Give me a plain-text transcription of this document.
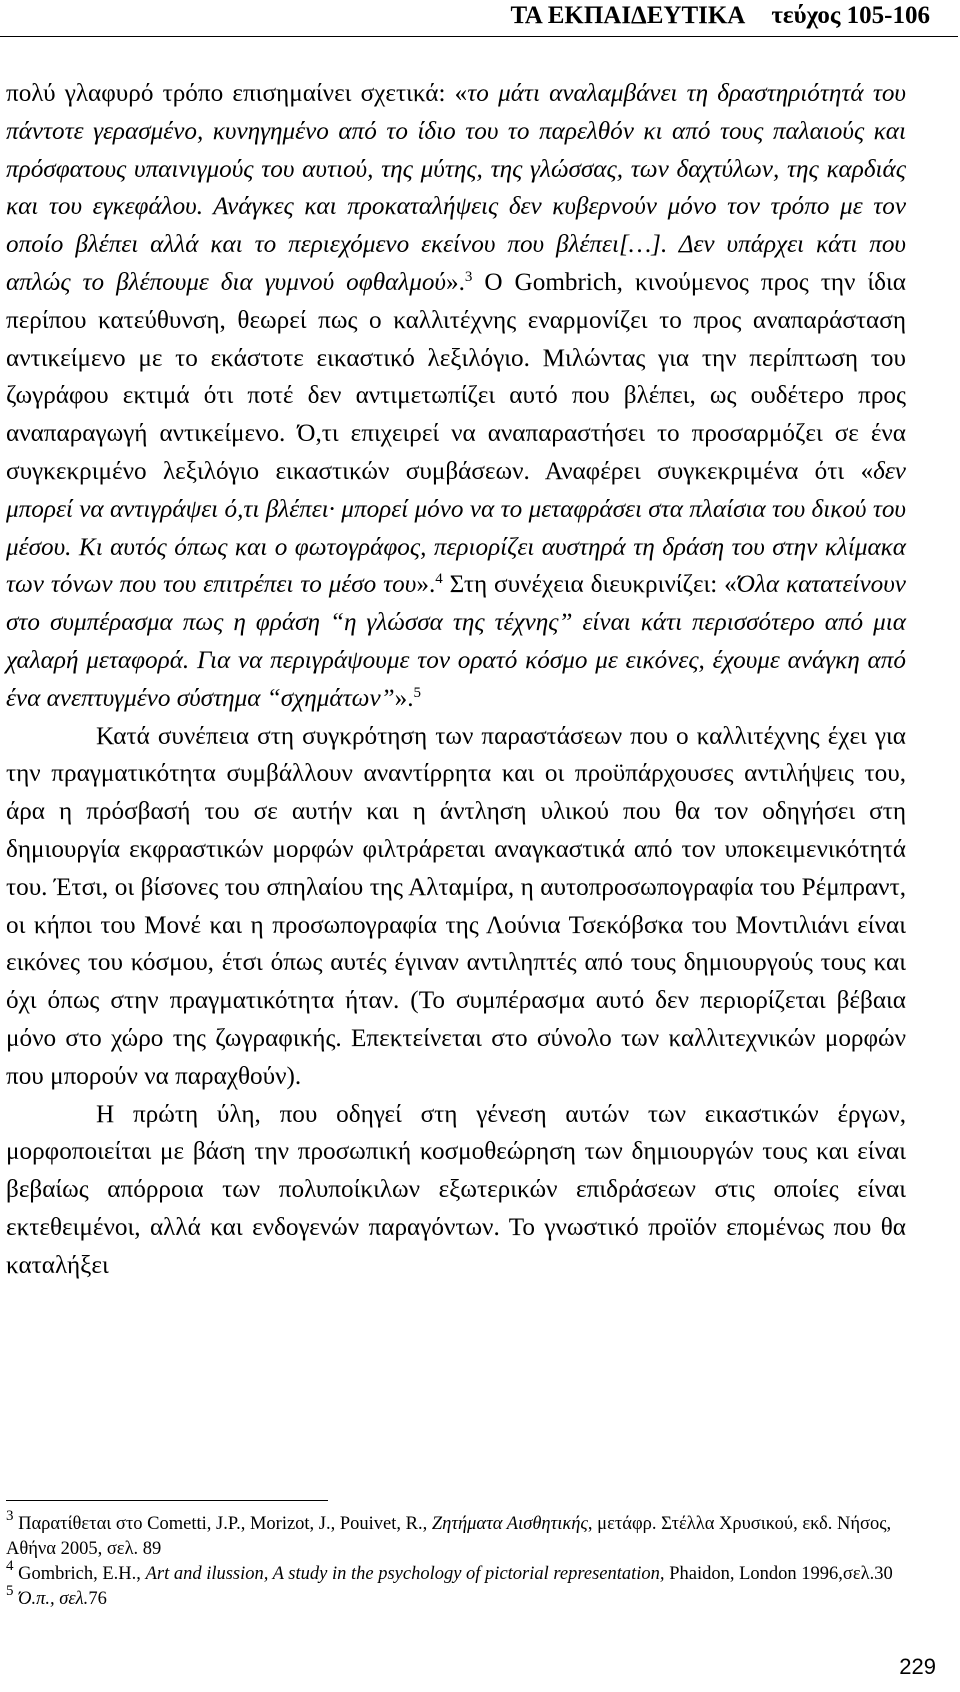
ΤΑ ΕΚΠΑΙΔΕΥΤΙΚΑ τεύχος 105-106

πολύ γλαφυρό τρόπο επισημαίνει σχετικά: «το μάτι αναλαμβάνει τη δραστηριότητά του πάντοτε γερασμένο, κυνηγημένο από το ίδιο του το παρελθόν κι από τους παλαιούς και πρόσφατους υπαινιγμούς του αυτιού, της μύτης, της γλώσσας, των δαχτύλων, της καρδιάς και του εγκεφάλου. Ανάγκες και προκαταλήψεις δεν κυβερνούν μόνο τον τρόπο με τον οποίο βλέπει αλλά και το περιεχόμενο εκείνου που βλέπει[…]. Δεν υπάρχει κάτι που απλώς το βλέπουμε δια γυμνού οφθαλμού».$^3$ Ο Gombrich, κινούμενος προς την ίδια περίπου κατεύθυνση, θεωρεί πως ο καλλιτέχνης εναρμονίζει το προς αναπαράσταση αντικείμενο με το εκάστοτε εικαστικό λεξιλόγιο. Μιλώντας για την περίπτωση του ζωγράφου εκτιμά ότι ποτέ δεν αντιμετωπίζει αυτό που βλέπει, ως ουδέτερο προς αναπαραγωγή αντικείμενο. Ό,τι επιχειρεί να αναπαραστήσει το προσαρμόζει σε ένα συγκεκριμένο λεξιλόγιο εικαστικών συμβάσεων. Αναφέρει συγκεκριμένα ότι «δεν μπορεί να αντιγράψει ό,τι βλέπει· μπορεί μόνο να το μεταφράσει στα πλαίσια του δικού του μέσου. Κι αυτός όπως και ο φωτογράφος, περιορίζει αυστηρά τη δράση του στην κλίμακα των τόνων που του επιτρέπει το μέσο του».$^4$ Στη συνέχεια διευκρινίζει: «Όλα κατατείνουν στο συμπέρασμα πως η φράση “η γλώσσα της τέχνης” είναι κάτι περισσότερο από μια χαλαρή μεταφορά. Για να περιγράψουμε τον ορατό κόσμο με εικόνες, έχουμε ανάγκη από ένα ανεπτυγμένο σύστημα “σχημάτων”».$^5$

Κατά συνέπεια στη συγκρότηση των παραστάσεων που ο καλλιτέχνης έχει για την πραγματικότητα συμβάλλουν αναντίρρητα και οι προϋπάρχουσες αντιλήψεις του, άρα η πρόσβασή του σε αυτήν και η άντληση υλικού που θα τον οδηγήσει στη δημιουργία εκφραστικών μορφών φιλτράρεται αναγκαστικά από τον υποκειμενικότητά του. Έτσι, οι βίσονες του σπηλαίου της Αλταμίρα, η αυτοπροσωπογραφία του Ρέμπραντ, οι κήποι του Μονέ και η προσωπογραφία της Λούνια Τσεκόβσκα του Μοντιλιάνι είναι εικόνες του κόσμου, έτσι όπως αυτές έγιναν αντιληπτές από τους δημιουργούς τους και όχι όπως στην πραγματικότητα ήταν. (Το συμπέρασμα αυτό δεν περιορίζεται βέβαια μόνο στο χώρο της ζωγραφικής. Επεκτείνεται στο σύνολο των καλλιτεχνικών μορφών που μπορούν να παραχθούν).

Η πρώτη ύλη, που οδηγεί στη γένεση αυτών των εικαστικών έργων, μορφοποιείται με βάση την προσωπική κοσμοθεώρηση των δημιουργών τους και είναι βεβαίως απόρροια των πολυποίκιλων εξωτερικών επιδράσεων στις οποίες είναι εκτεθειμένοι, αλλά και ενδογενών παραγόντων. Το γνωστικό προϊόν επομένως που θα καταλήξει

$^3$ Παρατίθεται στο Cometti, J.P., Morizot, J., Pouivet, R., Ζητήματα Αισθητικής, μετάφρ. Στέλλα Χρυσικού, εκδ. Νήσος, Αθήνα 2005, σελ. 89

$^4$ Gombrich, E.H., Art and ilussion, A study in the psychology of pictorial representation, Phaidon, London 1996,σελ.30

$^5$ Ό.π., σελ.76

229
